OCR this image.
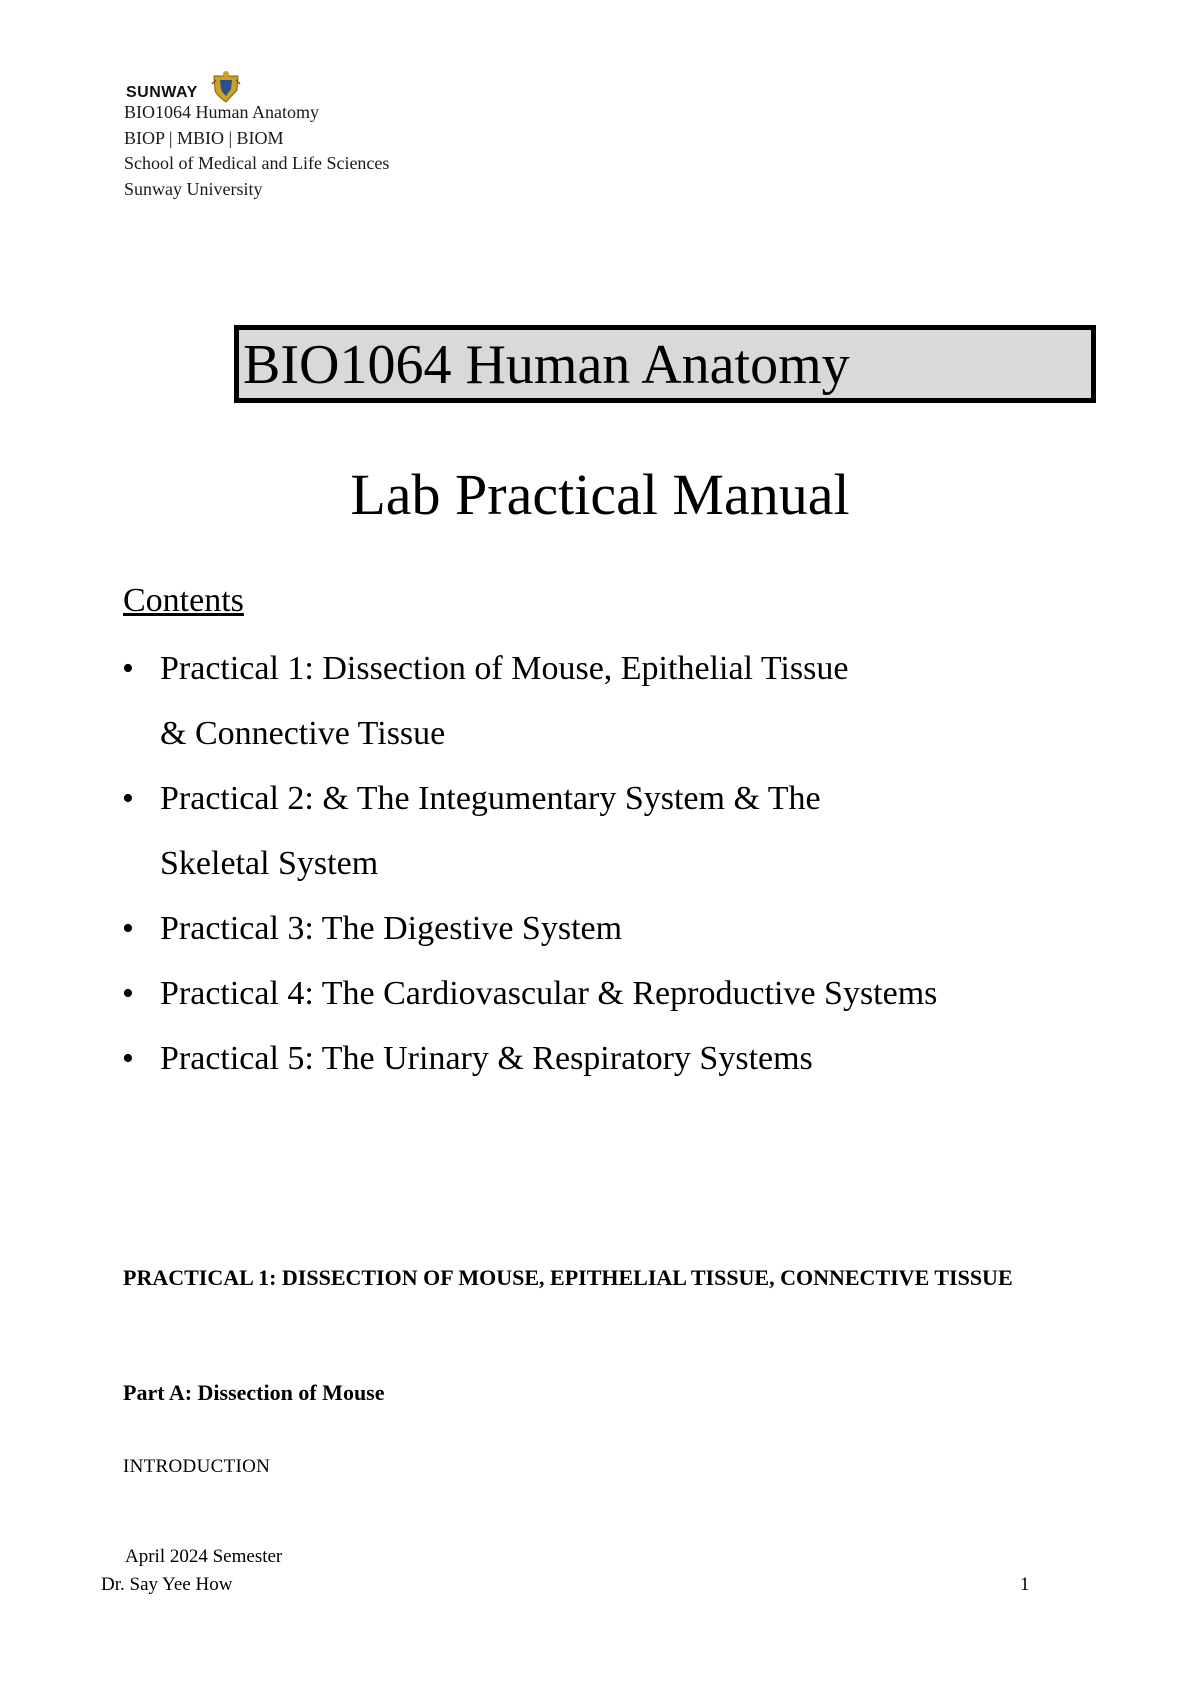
SUNWAY
BIO1064 Human Anatomy
BIOP | MBIO | BIOM
School of Medical and Life Sciences
Sunway University
BIO1064 Human Anatomy
Lab Practical Manual
Contents
• Practical 1: Dissection of Mouse, Epithelial Tissue
& Connective Tissue
• Practical 2: & The Integumentary System & The
Skeletal System
• Practical 3: The Digestive System
• Practical 4: The Cardiovascular & Reproductive Systems
• Practical 5: The Urinary & Respiratory Systems
PRACTICAL 1: DISSECTION OF MOUSE, EPITHELIAL TISSUE, CONNECTIVE TISSUE
Part A: Dissection of Mouse
INTRODUCTION
April 2024 Semester
Dr. Say Yee How	1
